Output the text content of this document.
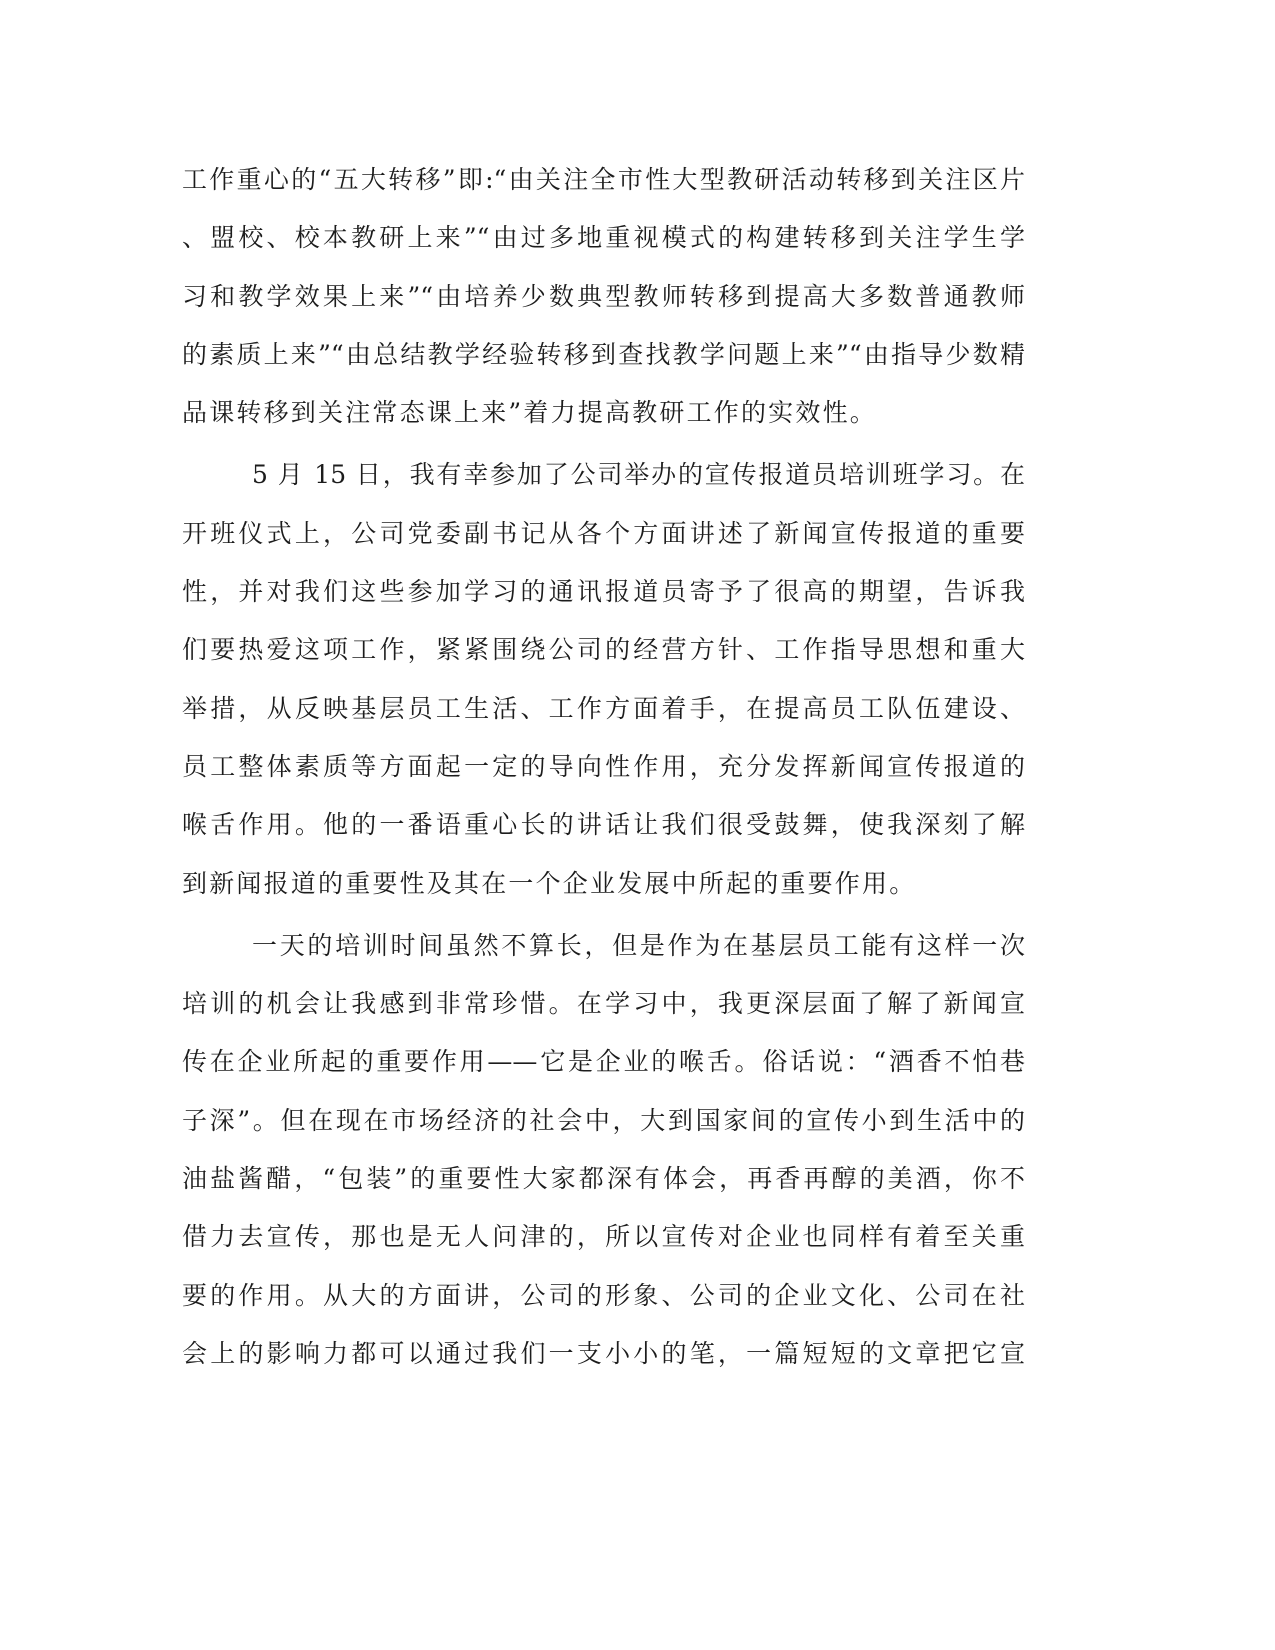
工作重心的“五大转移”即:“由关注全市性大型教研活动转移到关注区片
、盟校、校本教研上来”“由过多地重视模式的构建转移到关注学生学
习和教学效果上来”“由培养少数典型教师转移到提高大多数普通教师
的素质上来”“由总结教学经验转移到查找教学问题上来”“由指导少数精
品课转移到关注常态课上来”着力提高教研工作的实效性。
5 月 15 日，我有幸参加了公司举办的宣传报道员培训班学习。在
开班仪式上，公司党委副书记从各个方面讲述了新闻宣传报道的重要
性，并对我们这些参加学习的通讯报道员寄予了很高的期望，告诉我
们要热爱这项工作，紧紧围绕公司的经营方针、工作指导思想和重大
举措，从反映基层员工生活、工作方面着手，在提高员工队伍建设、
员工整体素质等方面起一定的导向性作用，充分发挥新闻宣传报道的
喉舌作用。他的一番语重心长的讲话让我们很受鼓舞，使我深刻了解
到新闻报道的重要性及其在一个企业发展中所起的重要作用。
一天的培训时间虽然不算长，但是作为在基层员工能有这样一次
培训的机会让我感到非常珍惜。在学习中，我更深层面了解了新闻宣
传在企业所起的重要作用——它是企业的喉舌。俗话说：“酒香不怕巷
子深”。但在现在市场经济的社会中，大到国家间的宣传小到生活中的
油盐酱醋，“包装”的重要性大家都深有体会，再香再醇的美酒，你不
借力去宣传，那也是无人问津的，所以宣传对企业也同样有着至关重
要的作用。从大的方面讲，公司的形象、公司的企业文化、公司在社
会上的影响力都可以通过我们一支小小的笔，一篇短短的文章把它宣
